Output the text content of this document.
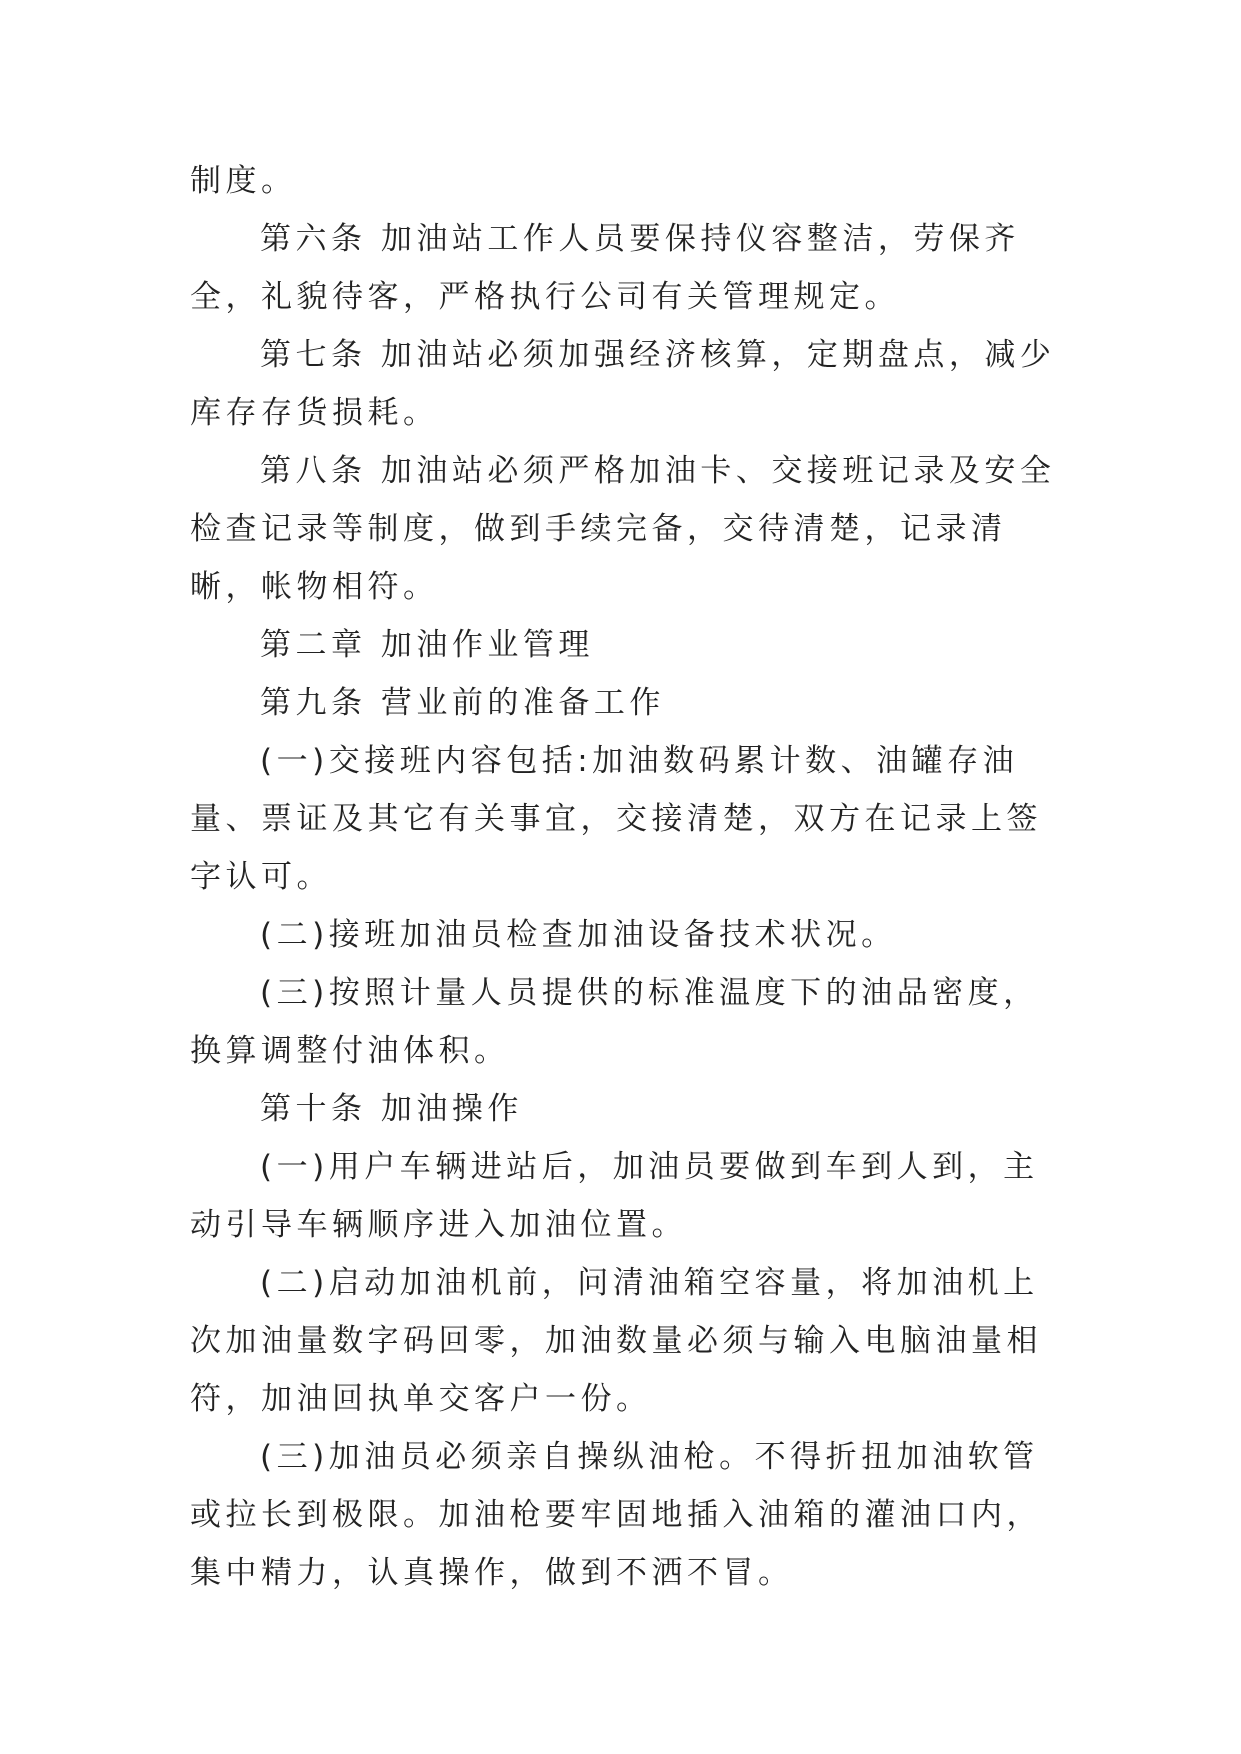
制度。

第六条 加油站工作人员要保持仪容整洁，劳保齐全，礼貌待客，严格执行公司有关管理规定。

第七条 加油站必须加强经济核算，定期盘点，减少库存存货损耗。

第八条 加油站必须严格加油卡、交接班记录及安全检查记录等制度，做到手续完备，交待清楚，记录清晰，帐物相符。

第二章 加油作业管理

第九条 营业前的准备工作

(一)交接班内容包括:加油数码累计数、油罐存油量、票证及其它有关事宜，交接清楚，双方在记录上签字认可。

(二)接班加油员检查加油设备技术状况。

(三)按照计量人员提供的标准温度下的油品密度，换算调整付油体积。

第十条 加油操作

(一)用户车辆进站后，加油员要做到车到人到，主动引导车辆顺序进入加油位置。

(二)启动加油机前，问清油箱空容量，将加油机上次加油量数字码回零，加油数量必须与输入电脑油量相符，加油回执单交客户一份。

(三)加油员必须亲自操纵油枪。不得折扭加油软管或拉长到极限。加油枪要牢固地插入油箱的灌油口内，集中精力，认真操作，做到不洒不冒。
